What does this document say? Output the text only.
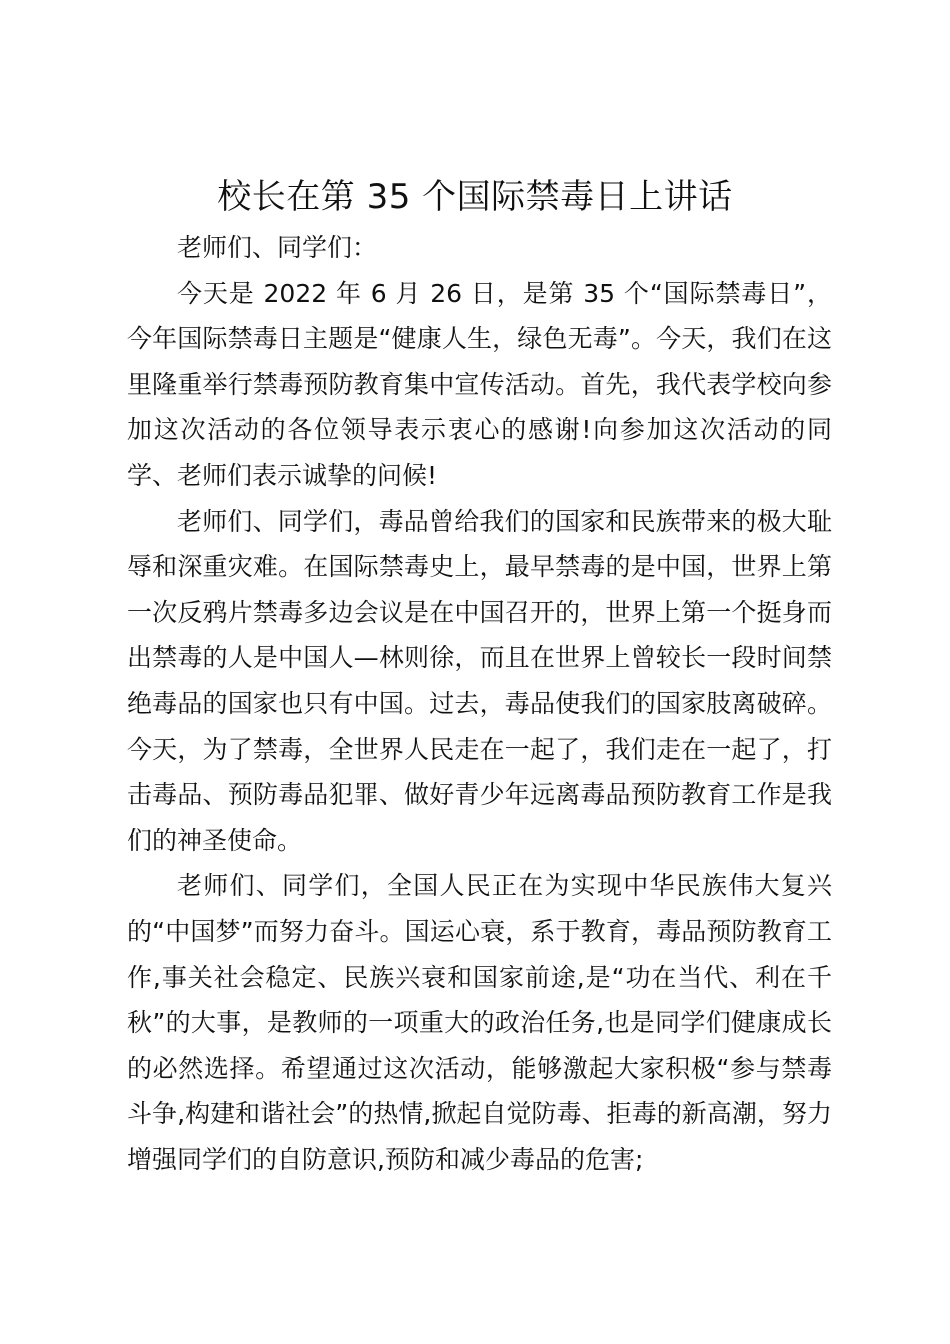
校长在第 35 个国际禁毒日上讲话

老师们、同学们：

今天是 2022 年 6 月 26 日，是第 35 个“国际禁毒日”，今年国际禁毒日主题是“健康人生，绿色无毒”。今天，我们在这里隆重举行禁毒预防教育集中宣传活动。首先，我代表学校向参加这次活动的各位领导表示衷心的感谢!向参加这次活动的同学、老师们表示诚挚的问候!

老师们、同学们，毒品曾给我们的国家和民族带来的极大耻辱和深重灾难。在国际禁毒史上，最早禁毒的是中国，世界上第一次反鸦片禁毒多边会议是在中国召开的，世界上第一个挺身而出禁毒的人是中国人—林则徐，而且在世界上曾较长一段时间禁绝毒品的国家也只有中国。过去，毒品使我们的国家肢离破碎。今天，为了禁毒，全世界人民走在一起了，我们走在一起了，打击毒品、预防毒品犯罪、做好青少年远离毒品预防教育工作是我们的神圣使命。

老师们、同学们，全国人民正在为实现中华民族伟大复兴的“中国梦”而努力奋斗。国运心衰，系于教育，毒品预防教育工作,事关社会稳定、民族兴衰和国家前途,是“功在当代、利在千秋”的大事，是教师的一项重大的政治任务,也是同学们健康成长的必然选择。希望通过这次活动，能够激起大家积极“参与禁毒斗争,构建和谐社会”的热情,掀起自觉防毒、拒毒的新高潮，努力增强同学们的自防意识,预防和减少毒品的危害;
